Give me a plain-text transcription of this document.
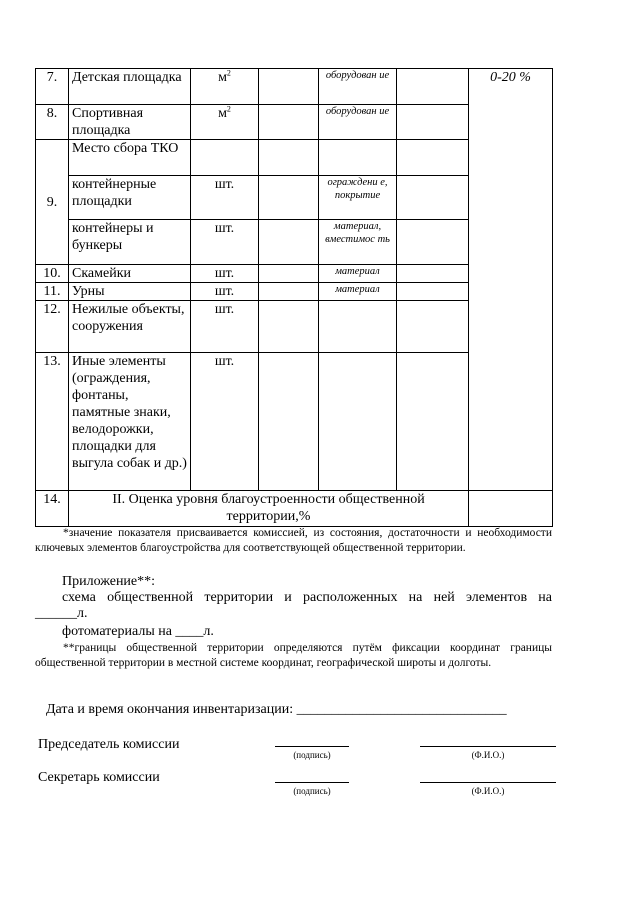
7.	Детская площадка	$м^2$		оборудован ие		0-20 %
8.	Спортивная площадка	$м^2$		оборудован ие		
9.	Место сбора ТКО					
	контейнерные площадки	шт.		ограждени е, покрытие		
	контейнеры и бункеры	шт.		материал, вместимос ть		
10.	Скамейки	шт.		материал		
11.	Урны	шт.		материал		
12.	Нежилые объекты, сооружения	шт.				
13.	Иные элементы (ограждения, фонтаны, памятные знаки, велодорожки, площадки для выгула собак и др.)	шт.				
14.	II. Оценка уровня благоустроенности общественной территории,%					

*значение показателя присваивается комиссией, из состояния, достаточности и необходимости ключевых элементов благоустройства для соответствующей общественной территории.

Приложение**:

схема общественной территории и расположенных на ней элементов на

______л.

фотоматериалы на ____л.

**границы общественной территории определяются путём фиксации координат границы общественной территории в местной системе координат, географической широты и долготы.

Дата и время окончания инвентаризации: ______________________________

Председатель комиссии

(подпись)	(Ф.И.О.)

Секретарь комиссии

(подпись)	(Ф.И.О.)
